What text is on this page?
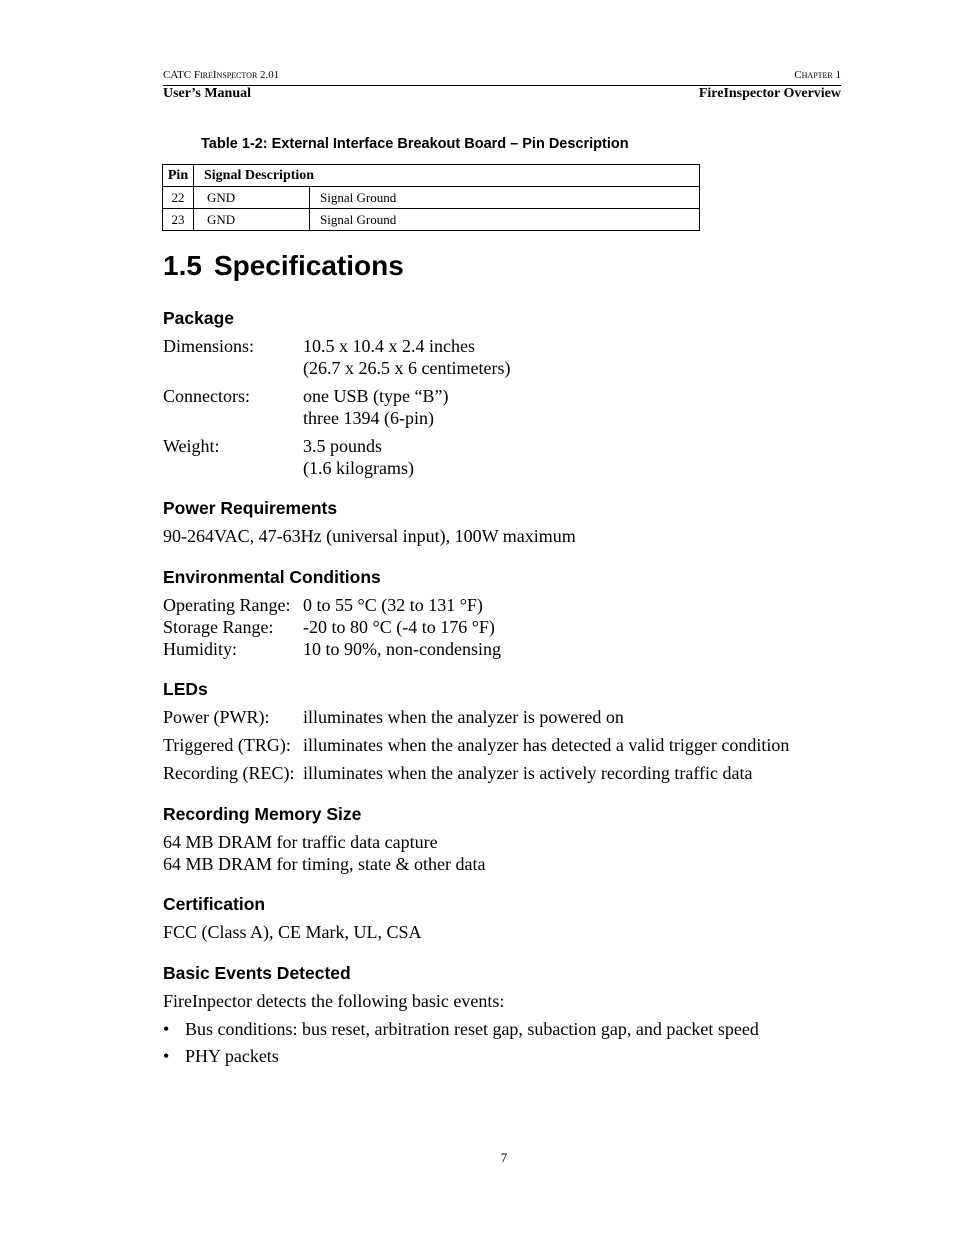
CATC FireInspector 2.01	Chapter 1
User’s Manual	FireInspector Overview
Table 1-2: External Interface Breakout Board – Pin Description
Pin	Signal Description	
22	GND	Signal Ground
23	GND	Signal Ground
1.5 Specifications
Package
Dimensions:	10.5 x 10.4 x 2.4 inches
(26.7 x 26.5 x 6 centimeters)
Connectors:	one USB (type “B”)
three 1394 (6-pin)
Weight:	3.5 pounds
(1.6 kilograms)
Power Requirements
90-264VAC, 47-63Hz (universal input), 100W maximum
Environmental Conditions
Operating Range: 0 to 55 °C (32 to 131 °F)
Storage Range: -20 to 80 °C (-4 to 176 °F)
Humidity:	10 to 90%, non-condensing
LEDs
Power (PWR): illuminates when the analyzer is powered on
Triggered (TRG): illuminates when the analyzer has detected a valid trigger condition
Recording (REC): illuminates when the analyzer is actively recording traffic data
Recording Memory Size
64 MB DRAM for traffic data capture
64 MB DRAM for timing, state & other data
Certification
FCC (Class A), CE Mark, UL, CSA
Basic Events Detected
FireInpector detects the following basic events:
• Bus conditions: bus reset, arbitration reset gap, subaction gap, and packet speed
• PHY packets
7
